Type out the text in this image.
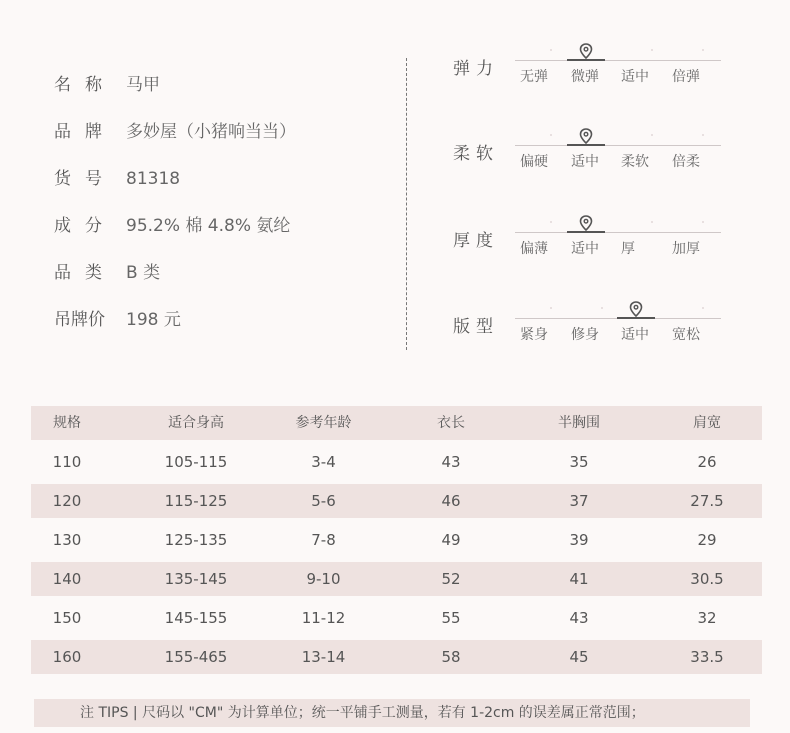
名称 马甲
品牌 多妙屋（小猪响当当）
货号 81318
成分 95.2% 棉 4.8% 氨纶
品类 B 类
吊牌价 198 元
弹力 无弹 微弹 适中 倍弹
柔软 偏硬 适中 柔软 倍柔
厚度 偏薄 适中 厚	加厚
版型 紧身 修身 适中 宽松
规格	适合身高	参考年龄	衣长	半胸围	肩宽
110	105-115	3-4	43	35	26
120	115-125	5-6	46	37	27.5
130	125-135	7-8	49	39	29
140	135-145	9-10	52	41	30.5
150	145-155	11-12	55	43	32
160	155-465	13-14	58	45	33.5
注 TIPS | 尺码以 "CM" 为计算单位；统一平铺手工测量，若有 1-2cm 的误差属正常范围；
